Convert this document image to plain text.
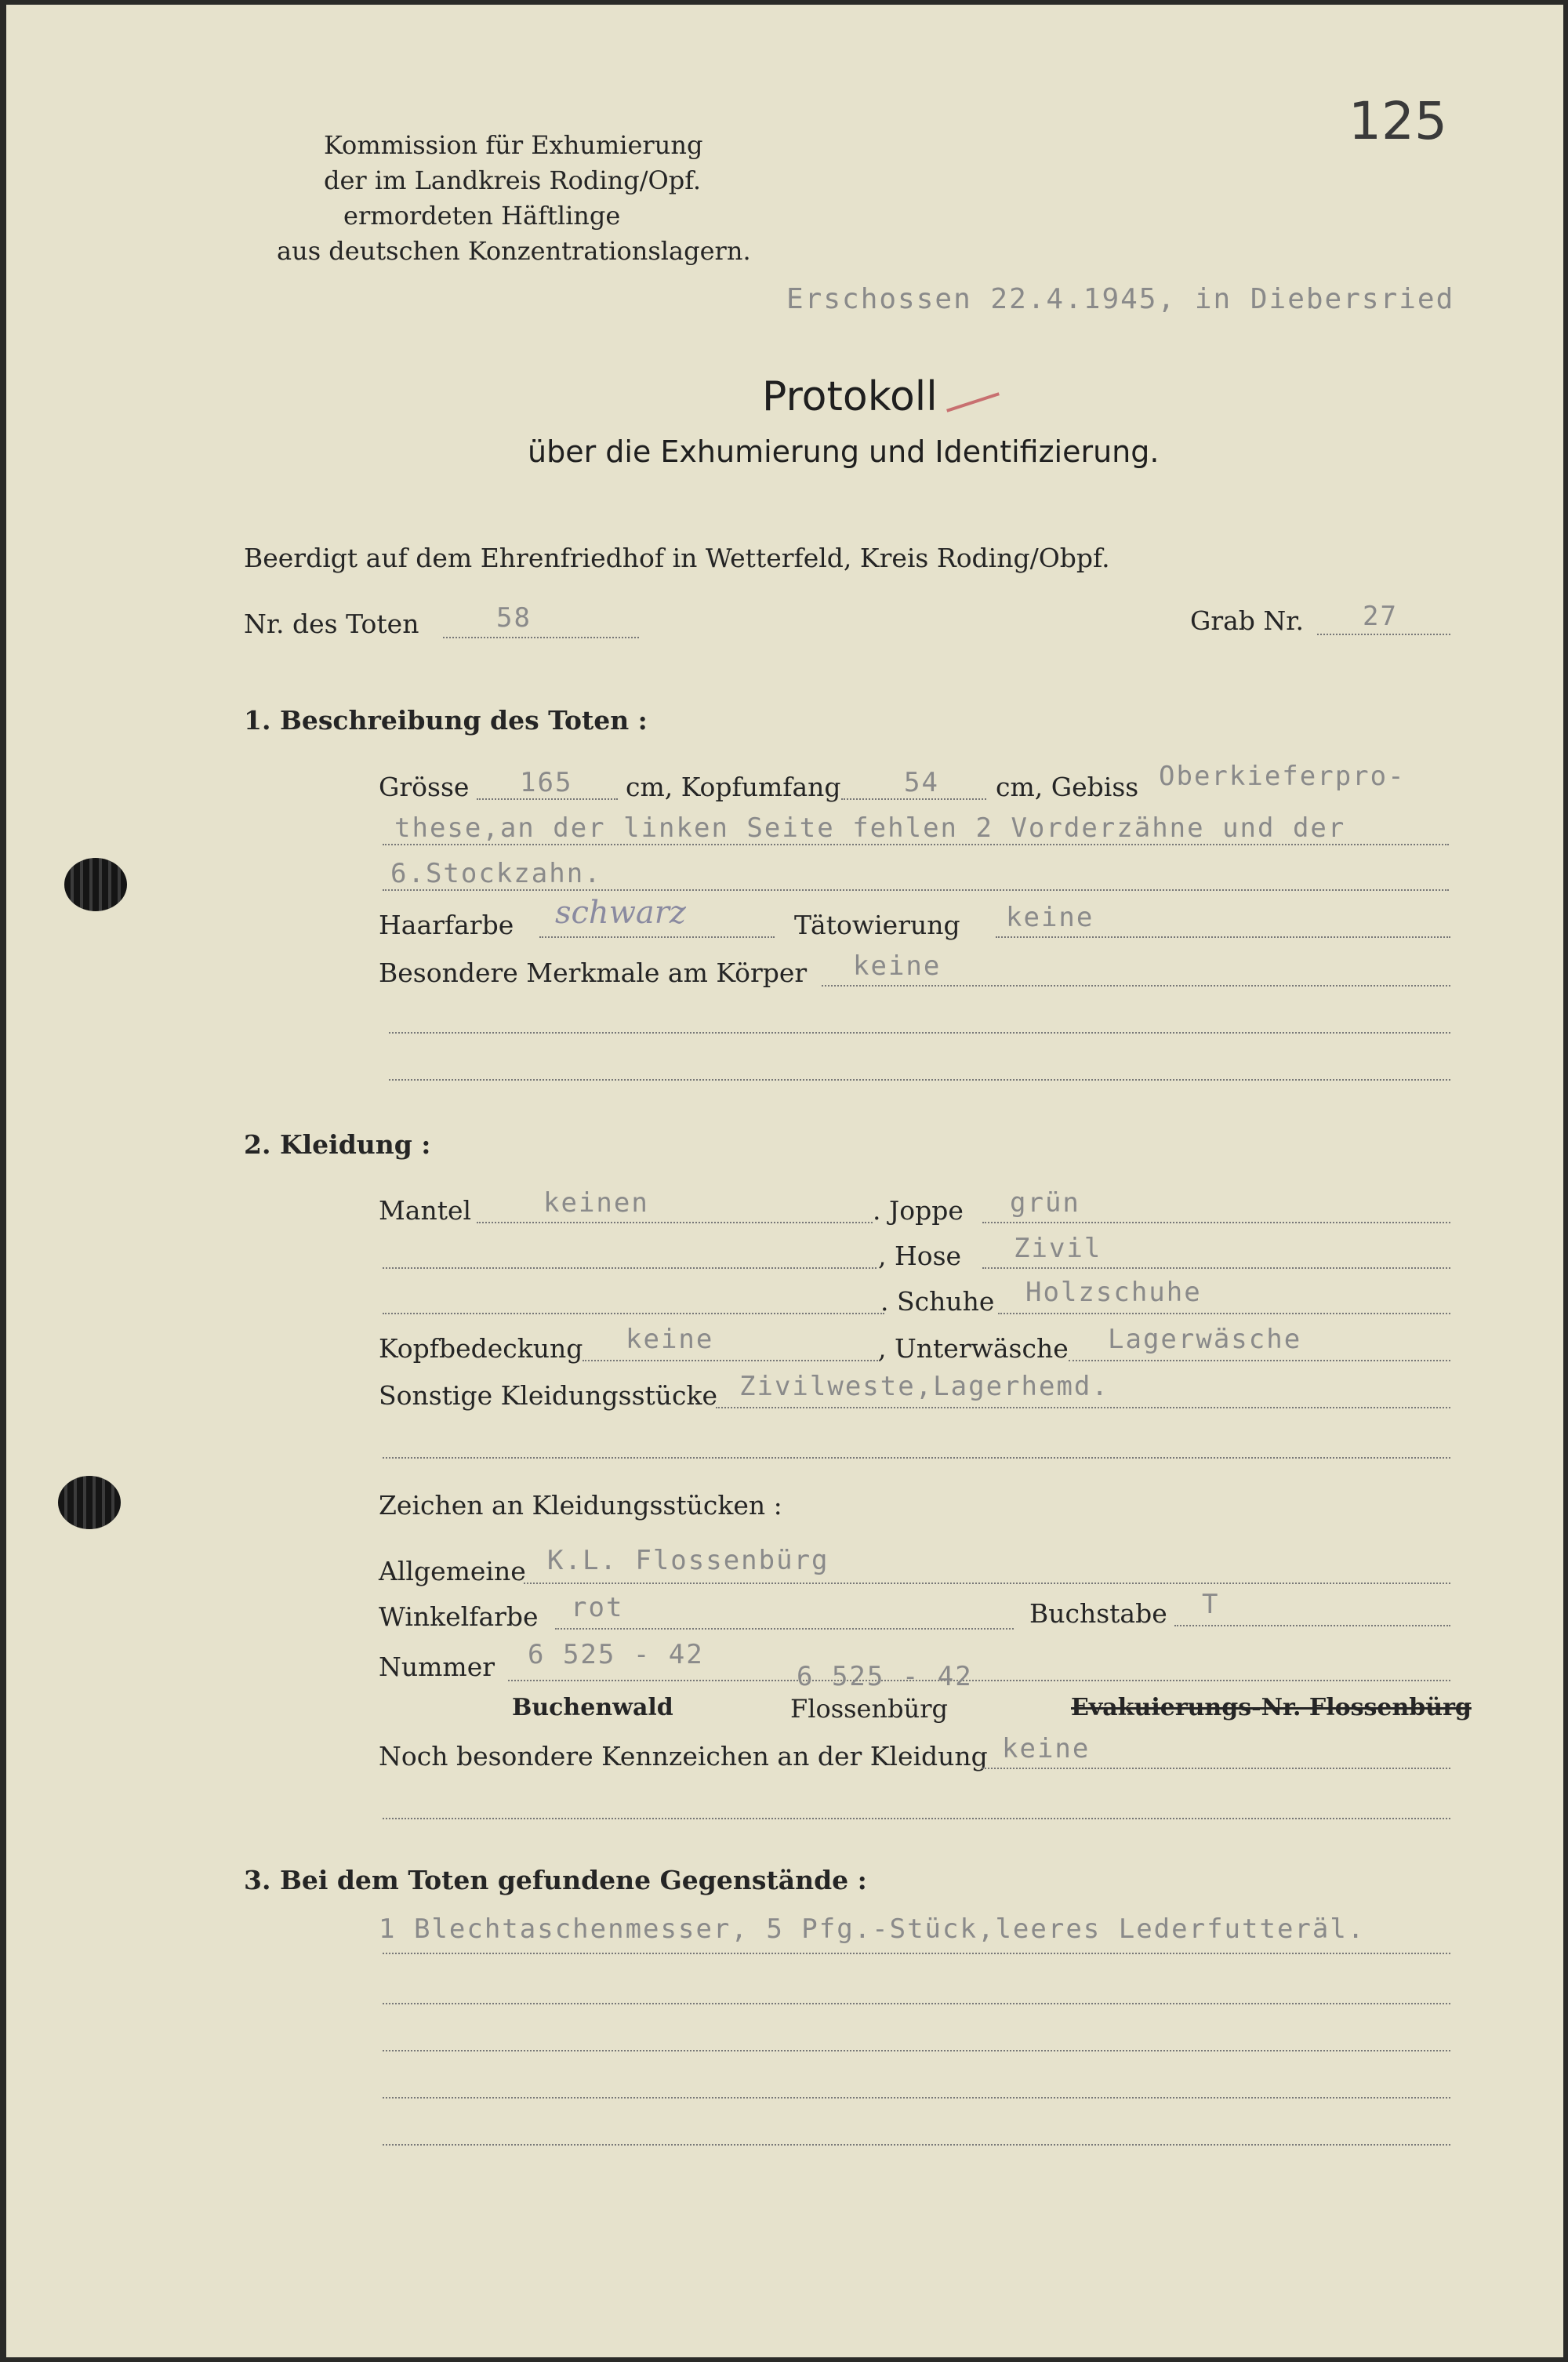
Kommission für Exhumierung
der im Landkreis Roding/Opf.
ermordeten Häftlinge
aus deutschen Konzentrationslagern.
125
Erschossen 22.4.1945, in Diebersried
Protokoll
über die Exhumierung und Identifizierung.
Beerdigt auf dem Ehrenfriedhof in Wetterfeld, Kreis Roding/Obpf.
Nr. des Toten	58	Grab Nr. 27
1. Beschreibung des Toten :
Grösse 165 cm, Kopfumfang 54 cm, Gebiss Oberkieferpro-
these,an der linken Seite fehlen 2 Vorderzähne und der
6.Stockzahn.
Haarfarbe schwarz	Tätowierung keine
Besondere Merkmale am Körper keine
2. Kleidung :
Mantel	keinen	. Joppe grün
, Hose Zivil
. Schuhe Holzschuhe
Kopfbedeckung keine	, Unterwäsche Lagerwäsche
Sonstige Kleidungsstücke Zivilweste,Lagerhemd.
Zeichen an Kleidungsstücken :
Allgemeine K.L. Flossenbürg
Winkelfarbe rot	Buchstabe T
Nummer 6 525 - 42
6 525 - 42
Buchenwald	Flossenbürg	Evakuierungs-Nr. Flossenbürg
Noch besondere Kennzeichen an der Kleidung keine
3. Bei dem Toten gefundene Gegenstände :
1 Blechtaschenmesser, 5 Pfg.-Stück,leeres Lederfutteräl.
